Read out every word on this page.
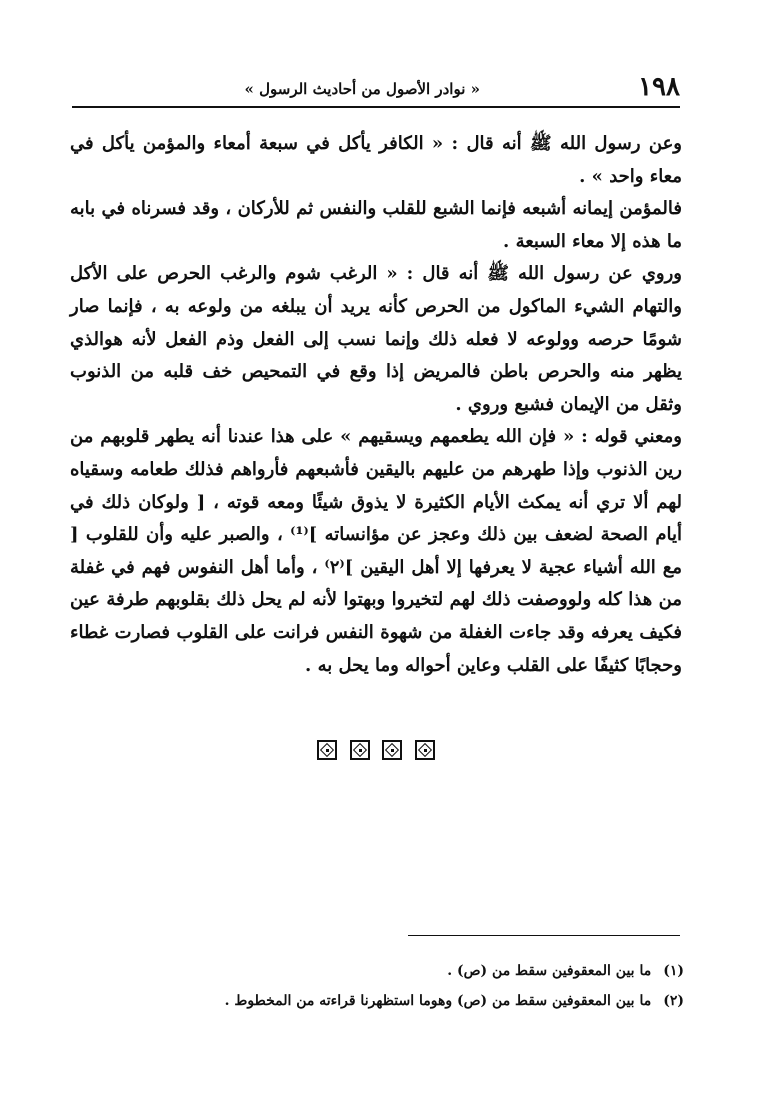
١٩٨
« نوادر الأصول من أحاديث الرسول »

وعن رسول الله ﷺ أنه قال : « الكافر يأكل في سبعة أمعاء والمؤمن يأكل في معاء واحد » .

فالمؤمن إيمانه أشبعه فإنما الشبع للقلب والنفس ثم للأركان ، وقد فسرناه في بابه ما هذه إلا معاء السبعة .

وروي عن رسول الله ﷺ أنه قال : « الرغب شوم والرغب الحرص على الأكل والتهام الشيء الماكول من الحرص كأنه يريد أن يبلغه من ولوعه به ، فإنما صار شومًا حرصه وولوعه لا فعله ذلك وإنما نسب إلى الفعل وذم الفعل لأنه هوالذي يظهر منه والحرص باطن فالمريض إذا وقع في التمحيص خف قلبه من الذنوب وثقل من الإيمان فشبع وروي .

ومعني قوله : « فإن الله يطعمهم ويسقيهم » على هذا عندنا أنه يطهر قلوبهم من رين الذنوب وإذا طهرهم من عليهم باليقين فأشبعهم فأرواهم فذلك طعامه وسقياه لهم ألا تري أنه يمكث الأيام الكثيرة لا يذوق شيئًا ومعه قوته ، [ ولوكان ذلك في أيام الصحة لضعف بين ذلك وعجز عن مؤانساته ]⁽¹⁾ ، والصبر عليه وأن للقلوب [ مع الله أشياء عجية لا يعرفها إلا أهل اليقين ]⁽٢⁾ ، وأما أهل النفوس فهم في غفلة من هذا كله ولووصفت ذلك لهم لتخيروا وبهتوا لأنه لم يحل ذلك بقلوبهم طرفة عين فكيف يعرفه وقد جاءت الغفلة من شهوة النفس فرانت على القلوب فصارت غطاء وحجابًا كثيفًا على القلب وعاين أحواله وما يحل به .

(١)
ما بين المعقوفين سقط من (ص) .
(٢)
ما بين المعقوفين سقط من (ص) وهوما استظهرنا قراءته من المخطوط .
